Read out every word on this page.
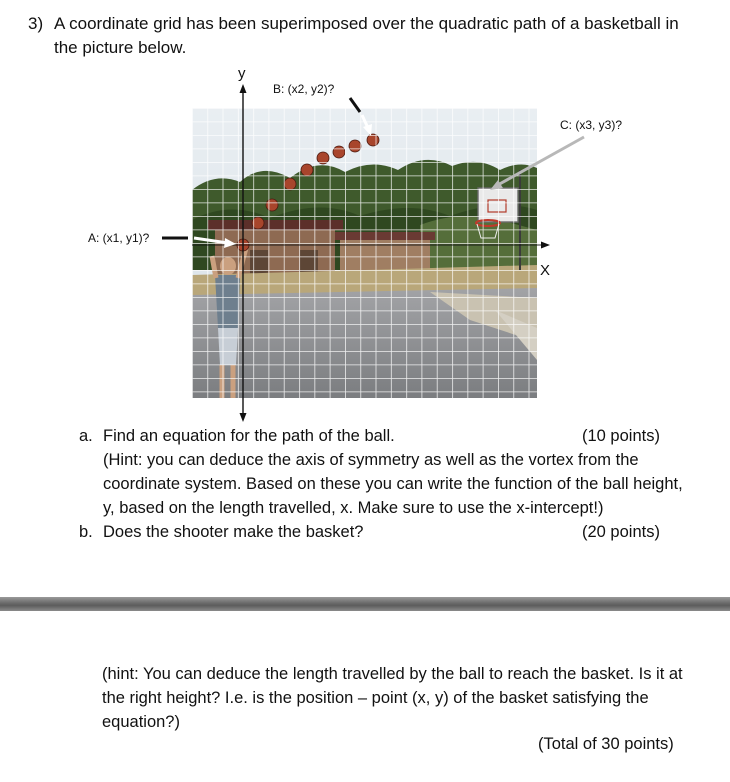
3) A coordinate grid has been superimposed over the quadratic path of a basketball in the picture below.
y
X
A: (x1, y1)?
B: (x2, y2)?
C: (x3, y3)?
a. Find an equation for the path of the ball.	(10 points)
(Hint: you can deduce the axis of symmetry as well as the vortex from the coordinate system. Based on these you can write the function of the ball height, y, based on the length travelled, x. Make sure to use the x-intercept!)
b. Does the shooter make the basket?	(20 points)
(hint: You can deduce the length travelled by the ball to reach the basket. Is it at the right height? I.e. is the position – point (x, y) of the basket satisfying the equation?)
(Total of 30 points)
